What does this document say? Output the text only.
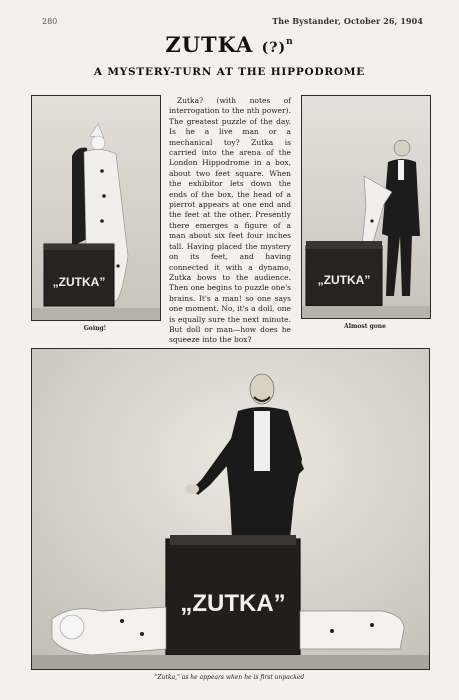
280	The Bystander, October 26, 1904
ZUTKA (?)$^n$
A MYSTERY-TURN AT THE HIPPODROME
„ZUTKA”
Going!

Zutka? (with notes of interrogation to the nth power). The greatest puzzle of the day. Is he a live man or a mechanical toy? Zutka is carried into the arena of the London Hippodrome in a box, about two feet square. When the exhibitor lets down the ends of the box, the head of a pierrot appears at one end and the feet at the other. Presently there emerges a figure of a man about six feet four inches tall. Having placed the mystery on its feet, and having connected it with a dynamo, Zutka bows to the audience. Then one begins to puzzle one's brains. It's a man! so one says one moment. No, it's a doll, one is equally sure the next minute. But doll or man—how does he squeeze into the box?

„ZUTKA”
Almost gone
„ZUTKA”
"Zutka," as he appears when he is first unpacked
